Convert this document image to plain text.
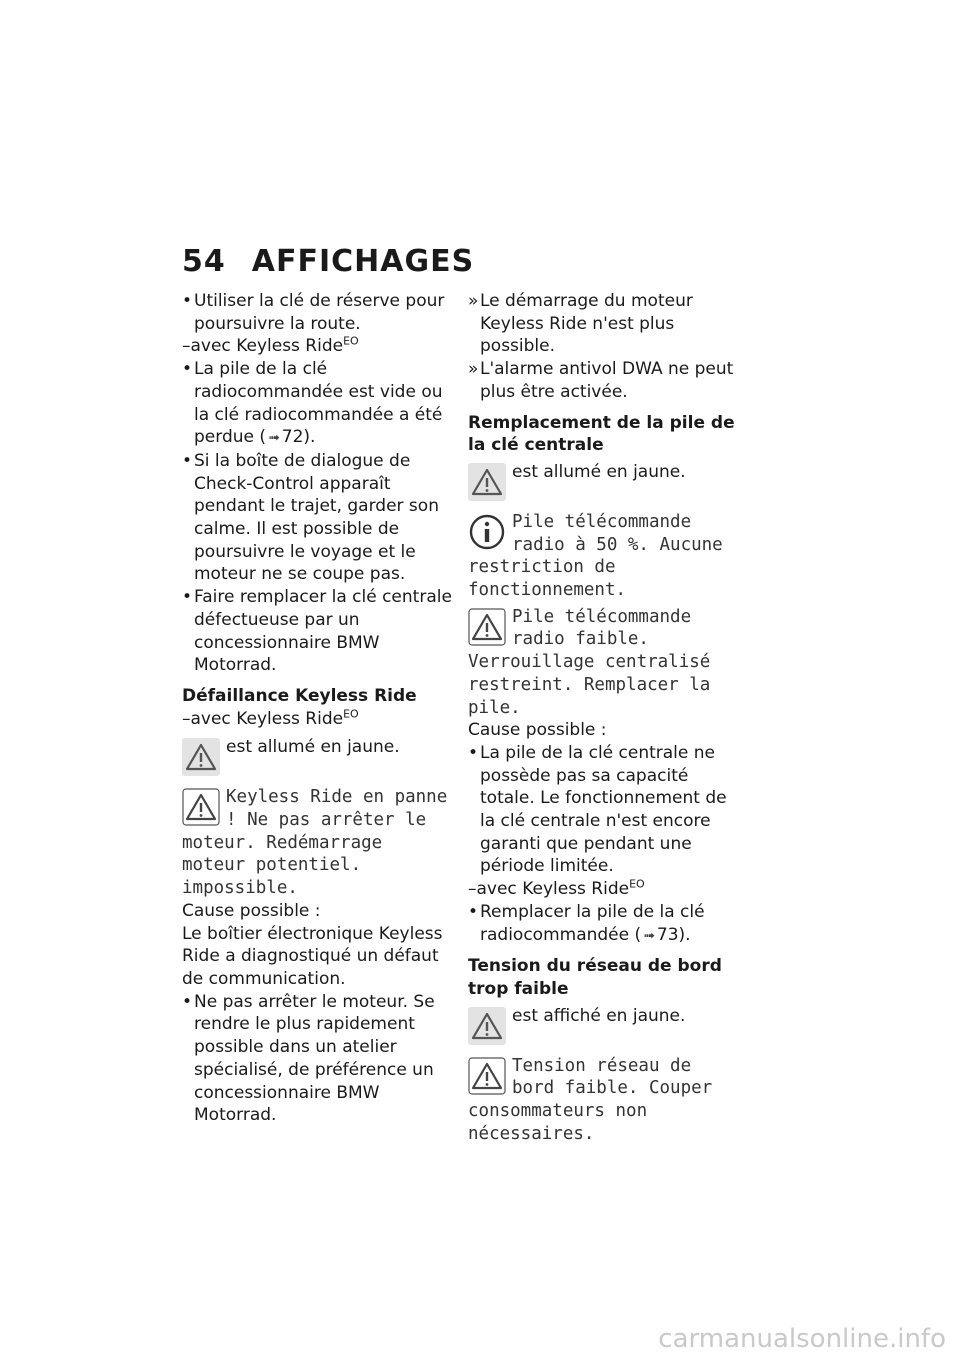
54 AFFICHAGES

• Utiliser la clé de réserve pour poursuivre la route.

–avec Keyless Ride$^{EO}$

• La pile de la clé radiocommandée est vide ou la clé radiocommandée a été perdue ( ➟ 72).

• Si la boîte de dialogue de Check-Control apparaît pendant le trajet, garder son calme. Il est possible de poursuivre le voyage et le moteur ne se coupe pas.

• Faire remplacer la clé centrale défectueuse par un concessionnaire BMW Motorrad.

Défaillance Keyless Ride

–avec Keyless Ride$^{EO}$

est allumé en jaune.

Keyless Ride en panne ! Ne pas arrêter le moteur. Redémarrage moteur potentiel. impossible.

Cause possible :

Le boîtier électronique Keyless Ride a diagnostiqué un défaut de communication.

• Ne pas arrêter le moteur. Se rendre le plus rapidement possible dans un atelier spécialisé, de préférence un concessionnaire BMW Motorrad.

» Le démarrage du moteur Keyless Ride n'est plus possible.

» L'alarme antivol DWA ne peut plus être activée.

Remplacement de la pile de la clé centrale

est allumé en jaune.

Pile télécommande radio à 50 %. Aucune restriction de fonctionnement.

Pile télécommande radio faible. Verrouillage centralisé restreint. Remplacer la pile.

Cause possible :

• La pile de la clé centrale ne possède pas sa capacité totale. Le fonctionnement de la clé centrale n'est encore garanti que pendant une période limitée.

–avec Keyless Ride$^{EO}$

• Remplacer la pile de la clé radiocommandée ( ➟ 73).

Tension du réseau de bord trop faible

est affiché en jaune.

Tension réseau de bord faible. Couper consommateurs non nécessaires.

carmanualsonline.info
